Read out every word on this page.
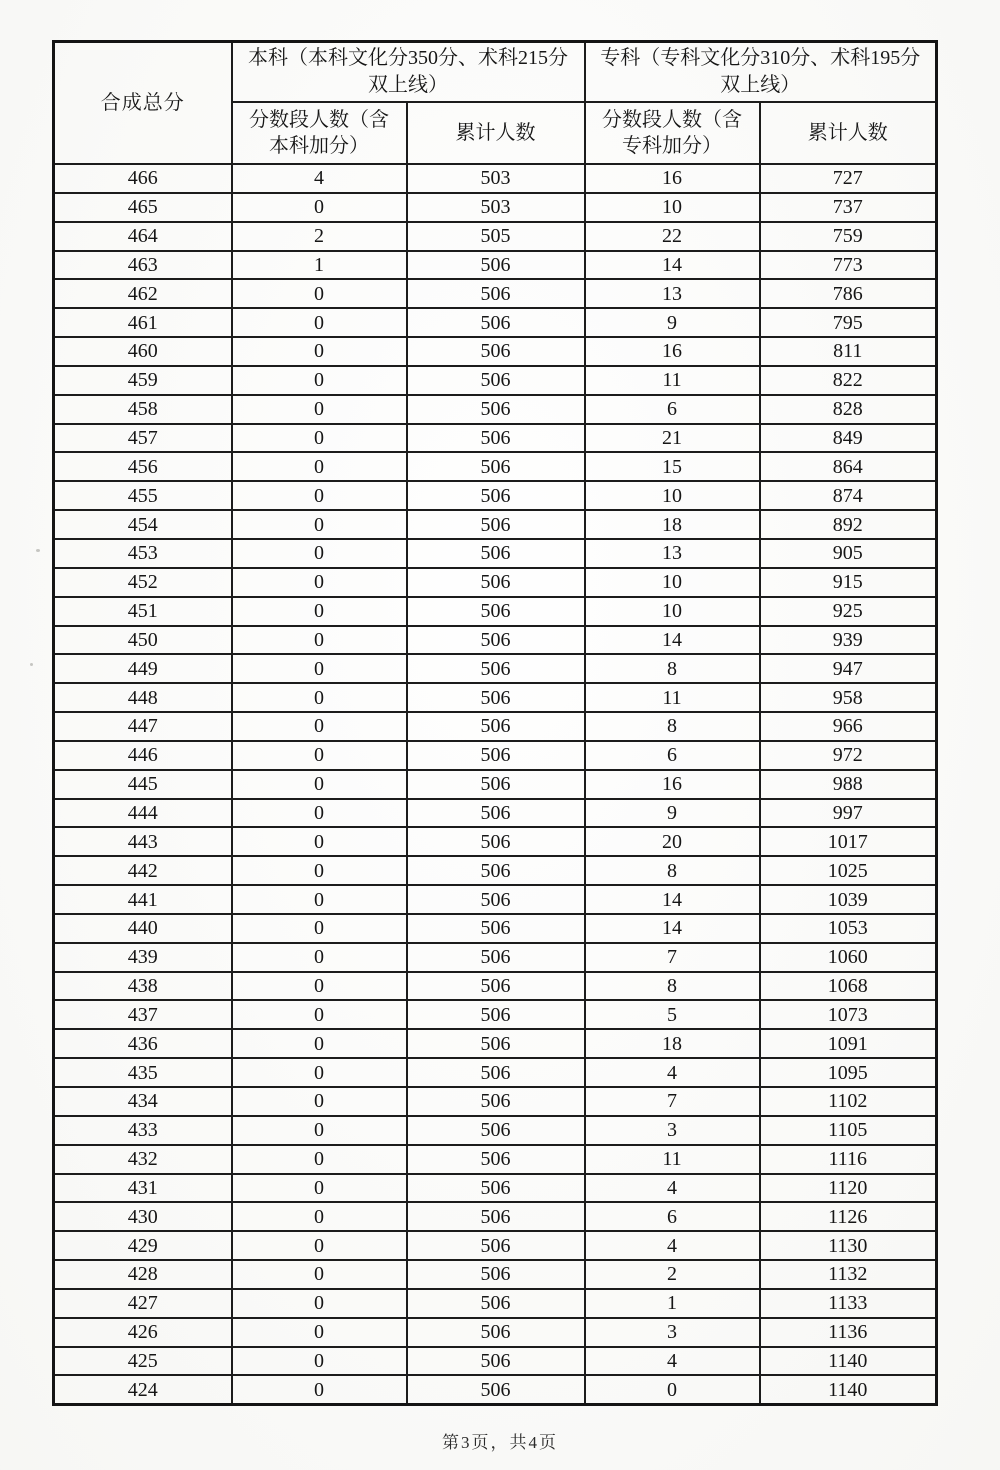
合成总分	本科（本科文化分350分、术科215分双上线）		专科（专科文化分310分、术科195分双上线）	
	分数段人数（含本科加分）	累计人数	分数段人数（含专科加分）	累计人数
466	4	503	16	727
465	0	503	10	737
464	2	505	22	759
463	1	506	14	773
462	0	506	13	786
461	0	506	9	795
460	0	506	16	811
459	0	506	11	822
458	0	506	6	828
457	0	506	21	849
456	0	506	15	864
455	0	506	10	874
454	0	506	18	892
453	0	506	13	905
452	0	506	10	915
451	0	506	10	925
450	0	506	14	939
449	0	506	8	947
448	0	506	11	958
447	0	506	8	966
446	0	506	6	972
445	0	506	16	988
444	0	506	9	997
443	0	506	20	1017
442	0	506	8	1025
441	0	506	14	1039
440	0	506	14	1053
439	0	506	7	1060
438	0	506	8	1068
437	0	506	5	1073
436	0	506	18	1091
435	0	506	4	1095
434	0	506	7	1102
433	0	506	3	1105
432	0	506	11	1116
431	0	506	4	1120
430	0	506	6	1126
429	0	506	4	1130
428	0	506	2	1132
427	0	506	1	1133
426	0	506	3	1136
425	0	506	4	1140
424	0	506	0	1140
第3页，共4页
